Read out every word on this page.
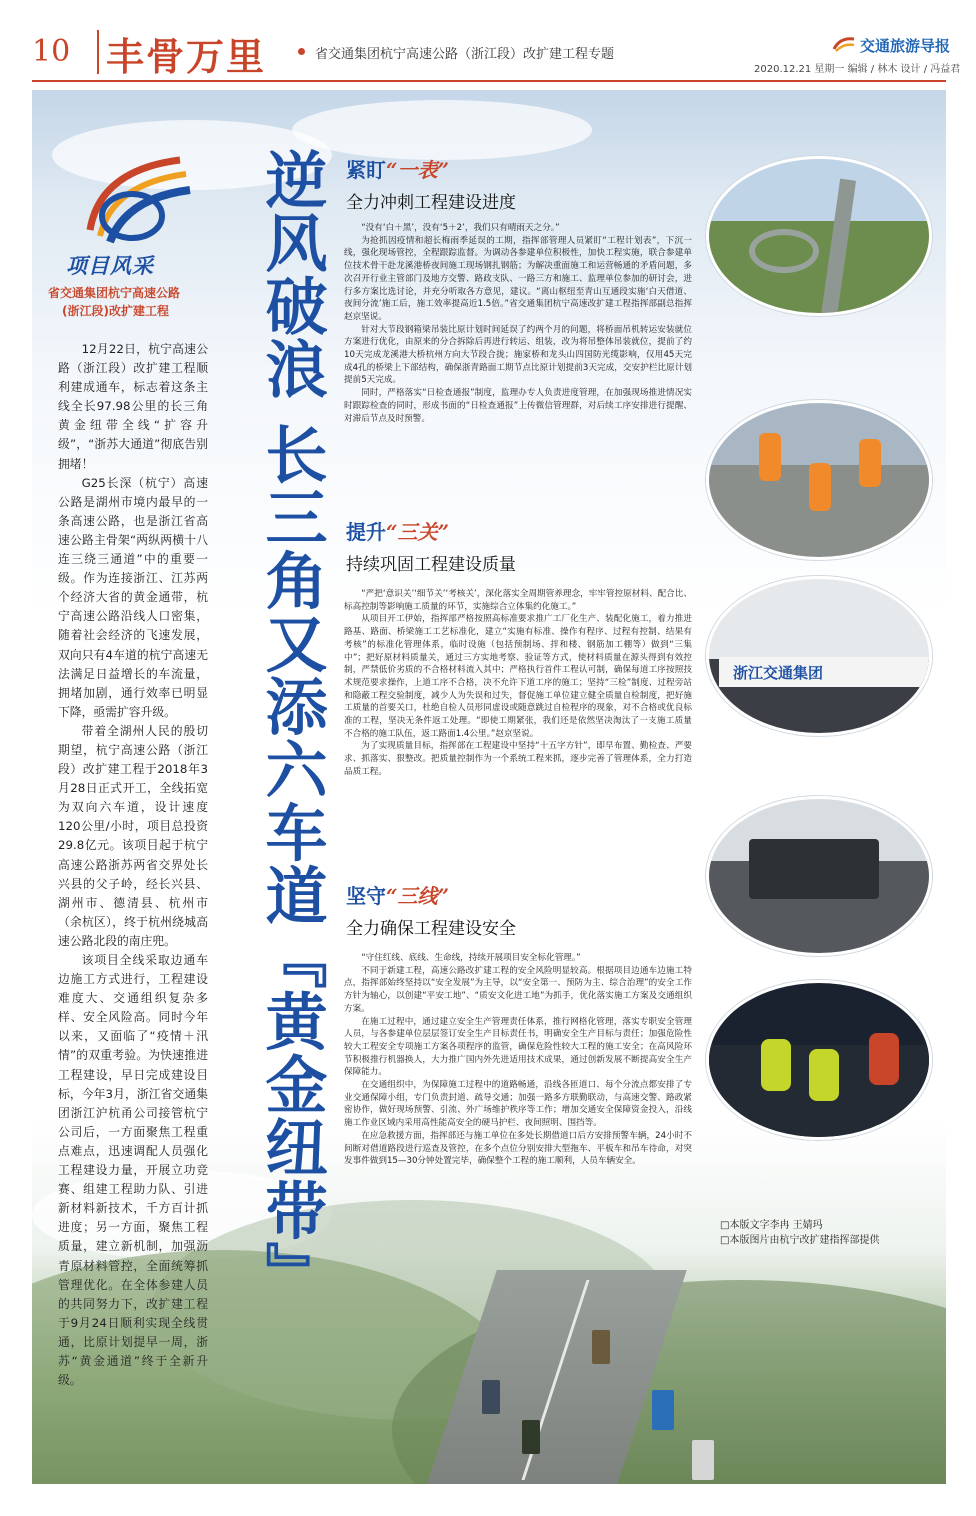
10 丰骨万里	省交通集团杭宁高速公路（浙江段）改扩建工程专题	交通旅游导报
2020.12.21 星期一 编辑 / 林木 设计 / 冯益君
项目风采
省交通集团杭宁高速公路
(浙江段)改扩建工程

12月22日，杭宁高速公路（浙江段）改扩建工程顺利建成通车，标志着这条主线全长97.98公里的长三角黄金纽带全线“扩容升级”，“浙苏大通道”彻底告别拥堵！

G25长深（杭宁）高速公路是湖州市境内最早的一条高速公路，也是浙江省高速公路主骨架“两纵两横十八连三绕三通道”中的重要一级。作为连接浙江、江苏两个经济大省的黄金通带，杭宁高速公路沿线人口密集，随着社会经济的飞速发展，双向只有4车道的杭宁高速无法满足日益增长的车流量，拥堵加剧，通行效率已明显下降，亟需扩容升级。

带着全湖州人民的殷切期望，杭宁高速公路（浙江段）改扩建工程于2018年3月28日正式开工，全线拓宽为双向六车道，设计速度120公里/小时，项目总投资29.8亿元。该项目起于杭宁高速公路浙苏两省交界处长兴县的父子岭，经长兴县、湖州市、德清县、杭州市（余杭区），终于杭州绕城高速公路北段的南庄兜。

该项目全线采取边通车边施工方式进行，工程建设难度大、交通组织复杂多样、安全风险高。同时今年以来，又面临了“疫情＋汛情”的双重考验。为快速推进工程建设，早日完成建设目标，今年3月，浙江省交通集团浙江沪杭甬公司接管杭宁公司后，一方面聚焦工程重点难点，迅速调配人员强化工程建设力量，开展立功竞赛、组建工程助力队、引进新材料新技术，千方百计抓进度；另一方面，聚焦工程质量，建立新机制，加强沥青原材料管控，全面统筹抓管理优化。在全体参建人员的共同努力下，改扩建工程于9月24日顺利实现全线贯通，比原计划提早一周，浙苏“黄金通道”终于全新升级。

逆风破浪 长三角又添六车道『黄金纽带』 紧盯“一表”
全力冲刺工程建设进度

“没有‘白＋黑’，没有‘5＋2’，我们只有晴雨天之分。”

为抢抓因疫情和超长梅雨季延误的工期，指挥部管理人员紧盯“工程计划表”，下沉一线，强化现场管控，全程跟踪监督。为调动各参建单位积极性，加快工程实施，联合参建单位技术骨干赴龙溪港桥夜间施工现场钢扎钢筋；为解决重面施工和运营畅通的矛盾问题，多次召开行业主管部门及地方交警、路政支队、一路三方和施工、监理单位参加的研讨会，进行多方案比选讨论，并充分听取各方意见，建议。“离山枢纽至青山互通段实施‘白天借道、夜间分流’施工后，施工效率提高近1.5倍。”省交通集团杭宁高速改扩建工程指挥部副总指挥赵京坚说。

针对大节段钢箱梁吊装比原计划时间延误了约两个月的问题，将桥面吊机转运安装就位方案进行优化，由原来的分合拆除后再进行转运、组装，改为将吊整体吊装就位，提前了约10天完成龙溪港大桥杭州方向大节段合拢；施家桥和龙头山四国防光缆影响，仅用45天完成4孔的桥梁上下部结构，确保浙青路面工期节点比原计划提前3天完成，交安护栏比原计划提前5天完成。

同时，严格落实“日检查通报”制度，监理办专人负责进度管理，在加强现场推进情况实时跟踪检查的同时，形成书面的“日检查通报”上传微信管理群，对后续工序安排进行提醒、对滞后节点及时预警。

提升“三关”
持续巩固工程建设质量

“严把‘意识关’‘细节关’‘考核关’，深化落实全周期管养理念，牢牢管控原材料、配合比、标高控制等影响施工质量的环节，实施综合立体集约化施工。”

从项目开工伊始，指挥部严格按照高标准要求推广工厂化生产、装配化施工，着力推进路基、路面、桥梁施工工艺标准化，建立“实施有标准、操作有程序、过程有控制、结果有考核”的标准化管理体系，临时设施（包括预制场、拌和楼、钢筋加工棚等）做到“三集中”；把好原材料质量关，通过三方实地考察、验证等方式，使材料质量在源头得到有效控制，严禁低价劣质的不合格材料流入其中；严格执行首件工程认可制，确保每道工序按照技术规范要求操作，上道工序不合格，决不允许下道工序的施工；坚持“三检”制度、过程旁站和隐蔽工程交验制度，减少人为失误和过失，督促施工单位建立健全质量自检制度，把好施工质量的首要关口，杜绝自检人员形同虚设或随意跳过自检程序的现象，对不合格或优良标准的工程，坚决无条件返工处理。“即使工期紧张，我们还是依然坚决淘汰了一支施工质量不合格的施工队伍，返工路面1.4公里。”赵京坚说。

为了实现质量目标，指挥部在工程建设中坚持“十五字方针”，即早布置、勤检查、严要求、抓落实、狠整改。把质量控制作为一个系统工程来抓，逐步完善了管理体系，全力打造品质工程。

坚守“三线”
全力确保工程建设安全

“守住红线、底线、生命线，持续开展项目安全标化管理。”

不同于新建工程，高速公路改扩建工程的安全风险明显较高。根据项目边通车边施工特点，指挥部始终坚持以“安全发展”为主导，以“安全第一、预防为主、综合治理”的安全工作方针为轴心，以创建“平安工地”、“质安文化进工地”为抓手，优化落实施工方案及交通组织方案。

在施工过程中，通过建立安全生产管理责任体系，推行网格化管理，落实专职安全管理人员，与各参建单位层层签订安全生产目标责任书，明确安全生产目标与责任；加强危险性较大工程安全专项施工方案各项程序的监管，确保危险性较大工程的施工安全；在高风险环节积极推行机器换人，大力推广国内外先进适用技术成果，通过创新发展不断提高安全生产保障能力。

在交通组织中，为保障施工过程中的道路畅通，沿线各匝道口、每个分流点都安排了专业交通保障小组，专门负责封道、疏导交通；加强一路多方联勤联动，与高速交警、路政紧密协作，做好现场预警、引流、外广场维护秩序等工作；增加交通安全保障资金投入，沿线施工作业区域内采用高性能高安全的硬马护栏、夜间照明、围挡等。

在应急救援方面，指挥部还与施工单位在多处长期借道口后方安排预警车辆，24小时不间断对借道路段进行巡查及管控，在多个点位分别安排大型拖车、平板车和吊车待命，对突发事件做到15—30分钟处置完毕，确保整个工程的施工顺利，人员车辆安全。

浙江交通集团
□本版文字李冉 王婧玛
□本版图片由杭宁改扩建指挥部提供
